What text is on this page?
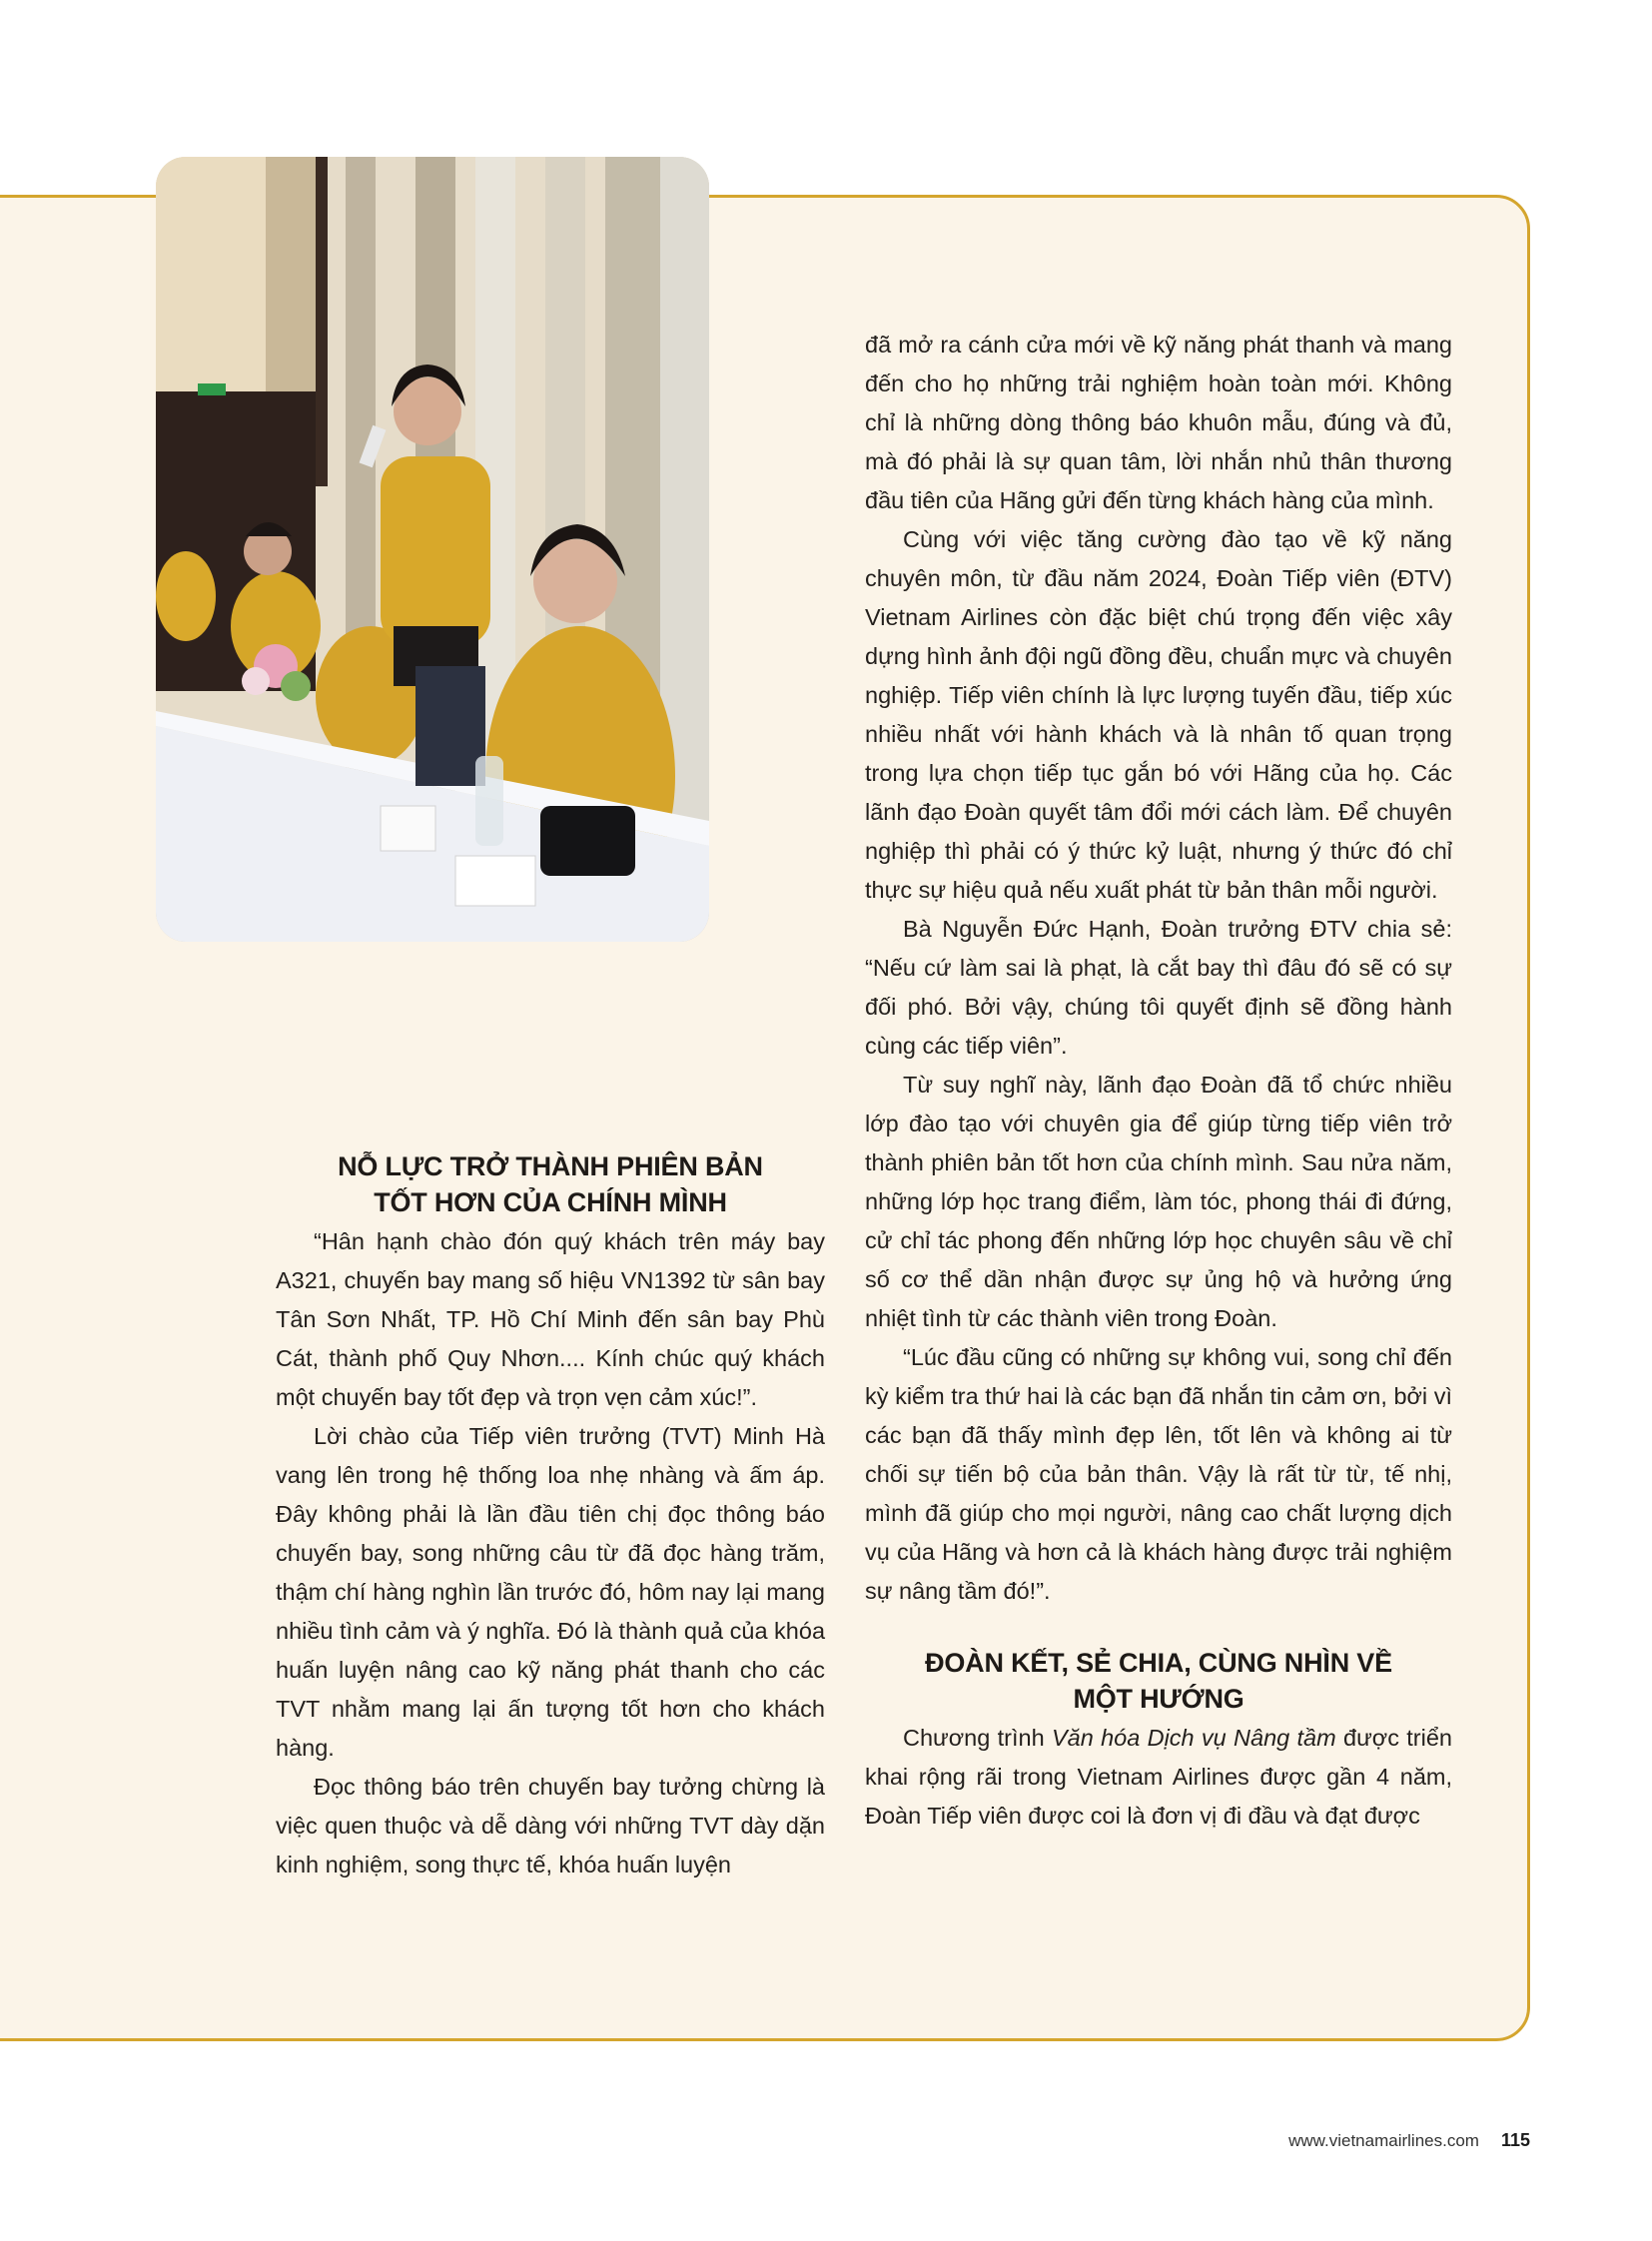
NỖ LỰC TRỞ THÀNH PHIÊN BẢN
TỐT HƠN CỦA CHÍNH MÌNH

“Hân hạnh chào đón quý khách trên máy bay A321, chuyến bay mang số hiệu VN1392 từ sân bay Tân Sơn Nhất, TP. Hồ Chí Minh đến sân bay Phù Cát, thành phố Quy Nhơn.... Kính chúc quý khách một chuyến bay tốt đẹp và trọn vẹn cảm xúc!”.

Lời chào của Tiếp viên trưởng (TVT) Minh Hà vang lên trong hệ thống loa nhẹ nhàng và ấm áp. Đây không phải là lần đầu tiên chị đọc thông báo chuyến bay, song những câu từ đã đọc hàng trăm, thậm chí hàng nghìn lần trước đó, hôm nay lại mang nhiều tình cảm và ý nghĩa. Đó là thành quả của khóa huấn luyện nâng cao kỹ năng phát thanh cho các TVT nhằm mang lại ấn tượng tốt hơn cho khách hàng.

Đọc thông báo trên chuyến bay tưởng chừng là việc quen thuộc và dễ dàng với những TVT dày dặn kinh nghiệm, song thực tế, khóa huấn luyện

đã mở ra cánh cửa mới về kỹ năng phát thanh và mang đến cho họ những trải nghiệm hoàn toàn mới. Không chỉ là những dòng thông báo khuôn mẫu, đúng và đủ, mà đó phải là sự quan tâm, lời nhắn nhủ thân thương đầu tiên của Hãng gửi đến từng khách hàng của mình.

Cùng với việc tăng cường đào tạo về kỹ năng chuyên môn, từ đầu năm 2024, Đoàn Tiếp viên (ĐTV) Vietnam Airlines còn đặc biệt chú trọng đến việc xây dựng hình ảnh đội ngũ đồng đều, chuẩn mực và chuyên nghiệp. Tiếp viên chính là lực lượng tuyến đầu, tiếp xúc nhiều nhất với hành khách và là nhân tố quan trọng trong lựa chọn tiếp tục gắn bó với Hãng của họ. Các lãnh đạo Đoàn quyết tâm đổi mới cách làm. Để chuyên nghiệp thì phải có ý thức kỷ luật, nhưng ý thức đó chỉ thực sự hiệu quả nếu xuất phát từ bản thân mỗi người.

Bà Nguyễn Đức Hạnh, Đoàn trưởng ĐTV chia sẻ: “Nếu cứ làm sai là phạt, là cắt bay thì đâu đó sẽ có sự đối phó. Bởi vậy, chúng tôi quyết định sẽ đồng hành cùng các tiếp viên”.

Từ suy nghĩ này, lãnh đạo Đoàn đã tổ chức nhiều lớp đào tạo với chuyên gia để giúp từng tiếp viên trở thành phiên bản tốt hơn của chính mình. Sau nửa năm, những lớp học trang điểm, làm tóc, phong thái đi đứng, cử chỉ tác phong đến những lớp học chuyên sâu về chỉ số cơ thể dần nhận được sự ủng hộ và hưởng ứng nhiệt tình từ các thành viên trong Đoàn.

“Lúc đầu cũng có những sự không vui, song chỉ đến kỳ kiểm tra thứ hai là các bạn đã nhắn tin cảm ơn, bởi vì các bạn đã thấy mình đẹp lên, tốt lên và không ai từ chối sự tiến bộ của bản thân. Vậy là rất từ từ, tế nhị, mình đã giúp cho mọi người, nâng cao chất lượng dịch vụ của Hãng và hơn cả là khách hàng được trải nghiệm sự nâng tầm đó!”.

ĐOÀN KẾT, SẺ CHIA, CÙNG NHÌN VỀ
MỘT HƯỚNG

Chương trình Văn hóa Dịch vụ Nâng tầm được triển khai rộng rãi trong Vietnam Airlines được gần 4 năm, Đoàn Tiếp viên được coi là đơn vị đi đầu và đạt được

www.vietnamairlines.com 115
